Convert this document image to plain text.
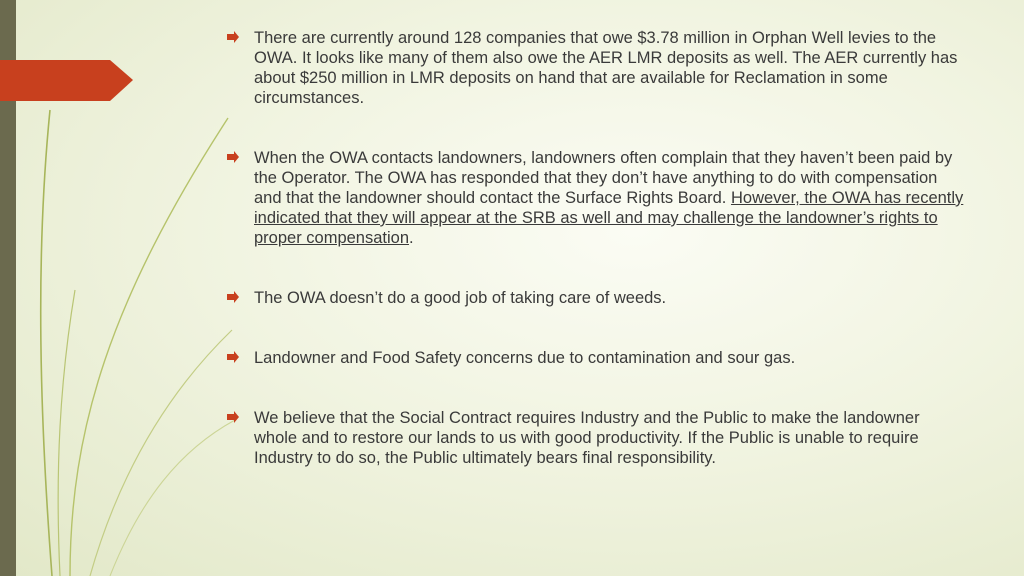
There are currently around 128 companies that owe $3.78 million in Orphan Well levies to the OWA. It looks like many of them also owe the AER LMR deposits as well. The AER currently has about $250 million in LMR deposits on hand that are available for Reclamation in some circumstances.

When the OWA contacts landowners, landowners often complain that they haven’t been paid by the Operator. The OWA has responded that they don’t have anything to do with compensation and that the landowner should contact the Surface Rights Board. However, the OWA has recently indicated that they will appear at the SRB as well and may challenge the landowner’s rights to proper compensation.

The OWA doesn’t do a good job of taking care of weeds.

Landowner and Food Safety concerns due to contamination and sour gas.

We believe that the Social Contract requires Industry and the Public to make the landowner whole and to restore our lands to us with good productivity. If the Public is unable to require Industry to do so, the Public ultimately bears final responsibility.
